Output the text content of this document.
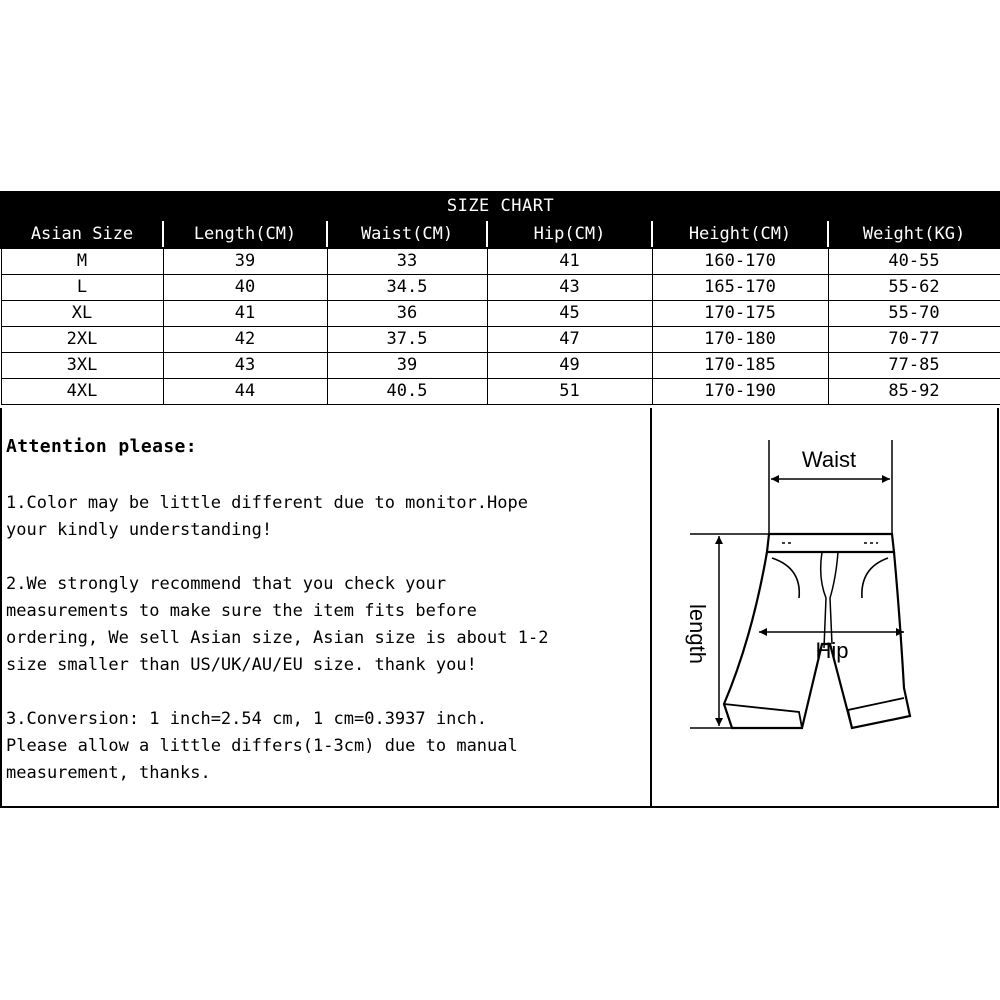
SIZE CHART					
Asian Size	Length(CM)	Waist(CM)	Hip(CM)	Height(CM)	Weight(KG)
M	39	33	41	160-170	40-55
L	40	34.5	43	165-170	55-62
XL	41	36	45	170-175	55-70
2XL	42	37.5	47	170-180	70-77
3XL	43	39	49	170-185	77-85
4XL	44	40.5	51	170-190	85-92
Attention please:
1.Color may be little different due to monitor.Hope
your kindly understanding!
2.We strongly recommend that you check your
measurements to make sure the item fits before
ordering, We sell Asian size, Asian size is about 1-2
size smaller than US/UK/AU/EU size. thank you!
3.Conversion: 1 inch=2.54 cm, 1 cm=0.3937 inch.
Please allow a little differs(1-3cm) due to manual
measurement, thanks.
Waist
length	Hip
